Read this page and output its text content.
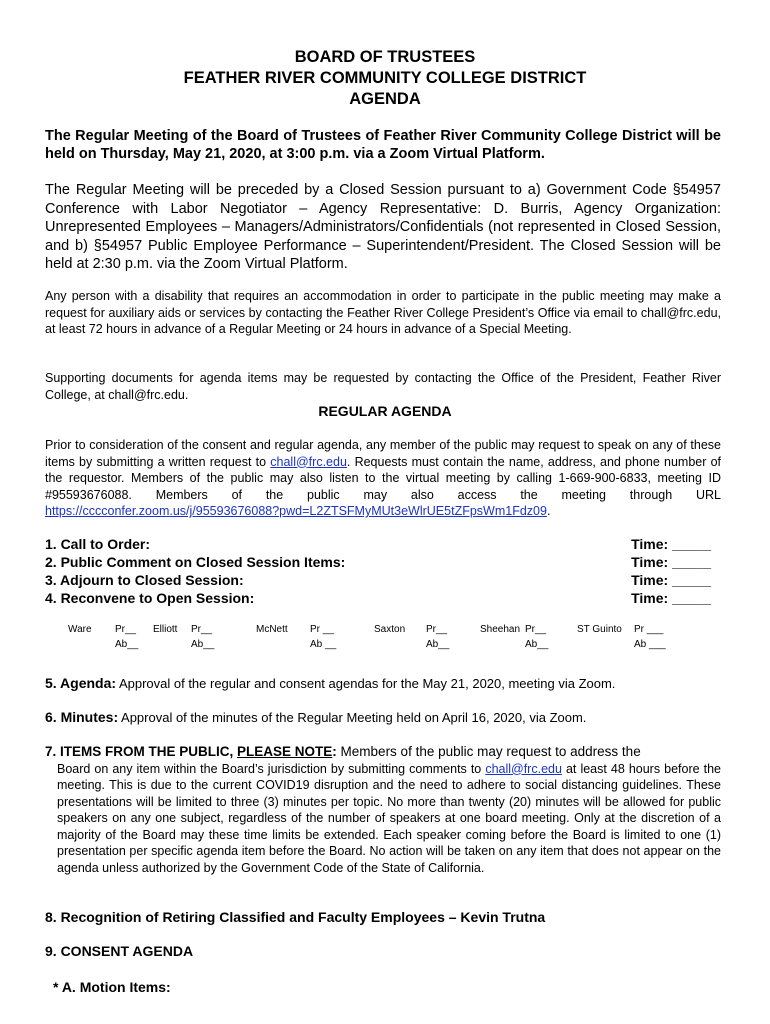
BOARD OF TRUSTEES
FEATHER RIVER COMMUNITY COLLEGE DISTRICT
AGENDA
The Regular Meeting of the Board of Trustees of Feather River Community College District will be held on Thursday, May 21, 2020, at 3:00 p.m. via a Zoom Virtual Platform.
The Regular Meeting will be preceded by a Closed Session pursuant to a) Government Code §54957 Conference with Labor Negotiator – Agency Representative: D. Burris, Agency Organization: Unrepresented Employees – Managers/Administrators/Confidentials (not represented in Closed Session, and b) §54957 Public Employee Performance – Superintendent/President. The Closed Session will be held at 2:30 p.m. via the Zoom Virtual Platform.
Any person with a disability that requires an accommodation in order to participate in the public meeting may make a request for auxiliary aids or services by contacting the Feather River College President’s Office via email to chall@frc.edu, at least 72 hours in advance of a Regular Meeting or 24 hours in advance of a Special Meeting.
Supporting documents for agenda items may be requested by contacting the Office of the President, Feather River College, at chall@frc.edu.
REGULAR AGENDA
Prior to consideration of the consent and regular agenda, any member of the public may request to speak on any of these items by submitting a written request to chall@frc.edu. Requests must contain the name, address, and phone number of the requestor. Members of the public may also listen to the virtual meeting by calling 1-669-900-6833, meeting ID #95593676088. Members of the public may also access the meeting through URL https://cccconfer.zoom.us/j/95593676088?pwd=L2ZTSFMyMUt3eWlrUE5tZFpsWm1Fdz09.
1. Call to Order:	Time: _____
2. Public Comment on Closed Session Items:	Time: _____
3. Adjourn to Closed Session:	Time: _____
4. Reconvene to Open Session:	Time: _____
Ware Pr__
Ab__
Elliott Pr__
Ab__
McNett Pr __
Ab __
Saxton Pr__
Ab__
Sheehan Pr__
Ab__
ST Guinto Pr ___
Ab ___
5. Agenda: Approval of the regular and consent agendas for the May 21, 2020, meeting via Zoom.
6. Minutes: Approval of the minutes of the Regular Meeting held on April 16, 2020, via Zoom.
7. ITEMS FROM THE PUBLIC, PLEASE NOTE: Members of the public may request to address the
Board on any item within the Board’s jurisdiction by submitting comments to chall@frc.edu at least 48 hours before the meeting. This is due to the current COVID19 disruption and the need to adhere to social distancing guidelines. These presentations will be limited to three (3) minutes per topic. No more than twenty (20) minutes will be allowed for public speakers on any one subject, regardless of the number of speakers at one board meeting. Only at the discretion of a majority of the Board may these time limits be extended. Each speaker coming before the Board is limited to one (1) presentation per specific agenda item before the Board. No action will be taken on any item that does not appear on the agenda unless authorized by the Government Code of the State of California.
8. Recognition of Retiring Classified and Faculty Employees – Kevin Trutna
9. CONSENT AGENDA
* A. Motion Items:
